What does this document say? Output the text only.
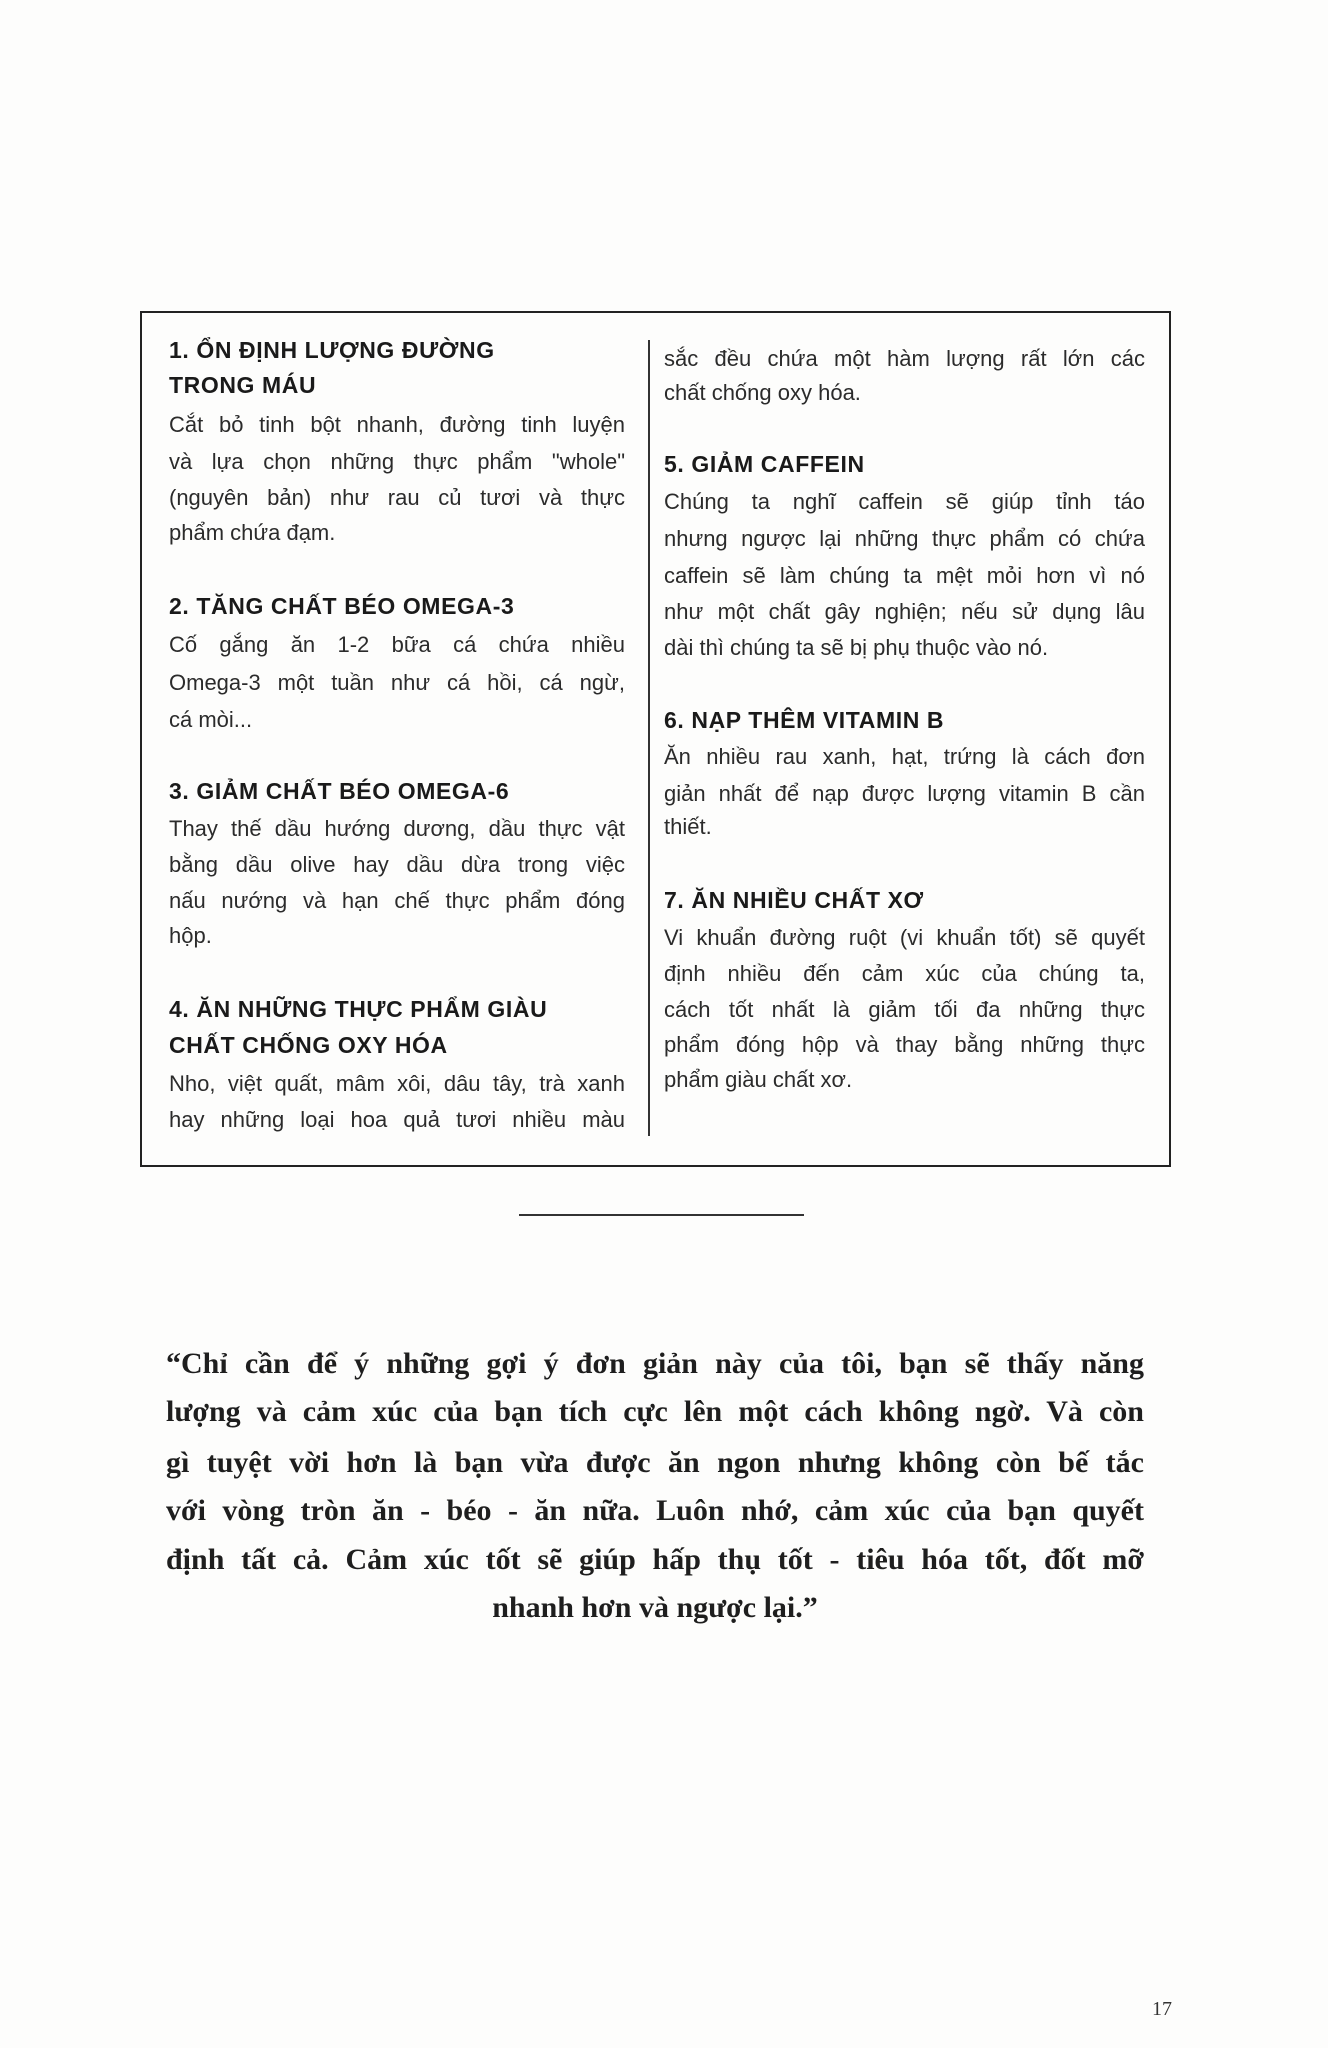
1. ỔN ĐỊNH LƯỢNG ĐƯỜNG
TRONG MÁU
Cắt bỏ tinh bột nhanh, đường tinh luyện
và lựa chọn những thực phẩm "whole"
(nguyên bản) như rau củ tươi và thực
phẩm chứa đạm.
2. TĂNG CHẤT BÉO OMEGA-3
Cố gắng ăn 1-2 bữa cá chứa nhiều
Omega-3 một tuần như cá hồi, cá ngừ,
cá mòi...
3. GIẢM CHẤT BÉO OMEGA-6
Thay thế dầu hướng dương, dầu thực vật
bằng dầu olive hay dầu dừa trong việc
nấu nướng và hạn chế thực phẩm đóng
hộp.
4. ĂN NHỮNG THỰC PHẨM GIÀU
CHẤT CHỐNG OXY HÓA
Nho, việt quất, mâm xôi, dâu tây, trà xanh
hay những loại hoa quả tươi nhiều màu
sắc đều chứa một hàm lượng rất lớn các
chất chống oxy hóa.
5. GIẢM CAFFEIN
Chúng ta nghĩ caffein sẽ giúp tỉnh táo
nhưng ngược lại những thực phẩm có chứa
caffein sẽ làm chúng ta mệt mỏi hơn vì nó
như một chất gây nghiện; nếu sử dụng lâu
dài thì chúng ta sẽ bị phụ thuộc vào nó.
6. NẠP THÊM VITAMIN B
Ăn nhiều rau xanh, hạt, trứng là cách đơn
giản nhất để nạp được lượng vitamin B cần
thiết.
7. ĂN NHIỀU CHẤT XƠ
Vi khuẩn đường ruột (vi khuẩn tốt) sẽ quyết
định nhiều đến cảm xúc của chúng ta,
cách tốt nhất là giảm tối đa những thực
phẩm đóng hộp và thay bằng những thực
phẩm giàu chất xơ.
“Chỉ cần để ý những gợi ý đơn giản này của tôi, bạn sẽ thấy năng
lượng và cảm xúc của bạn tích cực lên một cách không ngờ. Và còn
gì tuyệt vời hơn là bạn vừa được ăn ngon nhưng không còn bế tắc
với vòng tròn ăn - béo - ăn nữa. Luôn nhớ, cảm xúc của bạn quyết
định tất cả. Cảm xúc tốt sẽ giúp hấp thụ tốt - tiêu hóa tốt, đốt mỡ
nhanh hơn và ngược lại.”
17
